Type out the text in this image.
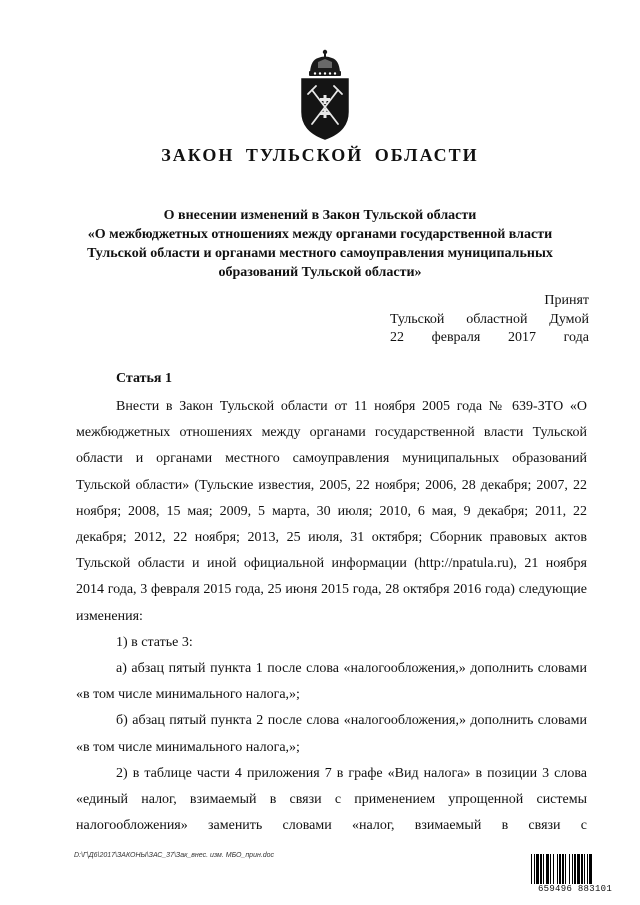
ЗАКОН ТУЛЬСКОЙ ОБЛАСТИ
О внесении изменений в Закон Тульской области
«О межбюджетных отношениях между органами государственной власти
Тульской области и органами местного самоуправления муниципальных
образований Тульской области»
Принят
Тульской областной Думой
22 февраля 2017 года
Статья 1

Внести в Закон Тульской области от 11 ноября 2005 года № 639-ЗТО «О межбюджетных отношениях между органами государственной власти Тульской области и органами местного самоуправления муниципальных образований Тульской области» (Тульские известия, 2005, 22 ноября; 2006, 28 декабря; 2007, 22 ноября; 2008, 15 мая; 2009, 5 марта, 30 июля; 2010, 6 мая, 9 декабря; 2011, 22 декабря; 2012, 22 ноября; 2013, 25 июля, 31 октября; Сборник правовых актов Тульской области и иной официальной информации (http://npatula.ru), 21 ноября 2014 года, 3 февраля 2015 года, 25 июня 2015 года, 28 октября 2016 года) следующие изменения:

1) в статье 3:

а) абзац пятый пункта 1 после слова «налогообложения,» дополнить словами «в том числе минимального налога,»;

б) абзац пятый пункта 2 после слова «налогообложения,» дополнить словами «в том числе минимального налога,»;

2) в таблице части 4 приложения 7 в графе «Вид налога» в позиции 3 слова «единый налог, взимаемый в связи с применением упрощенной системы налогообложения» заменить словами «налог, взимаемый в связи с

D:\Г\Д6\2017\ЗАКОНЫ\ЗАС_37\Зак_внес. изм. МБО_прин.doc
659496 883101
